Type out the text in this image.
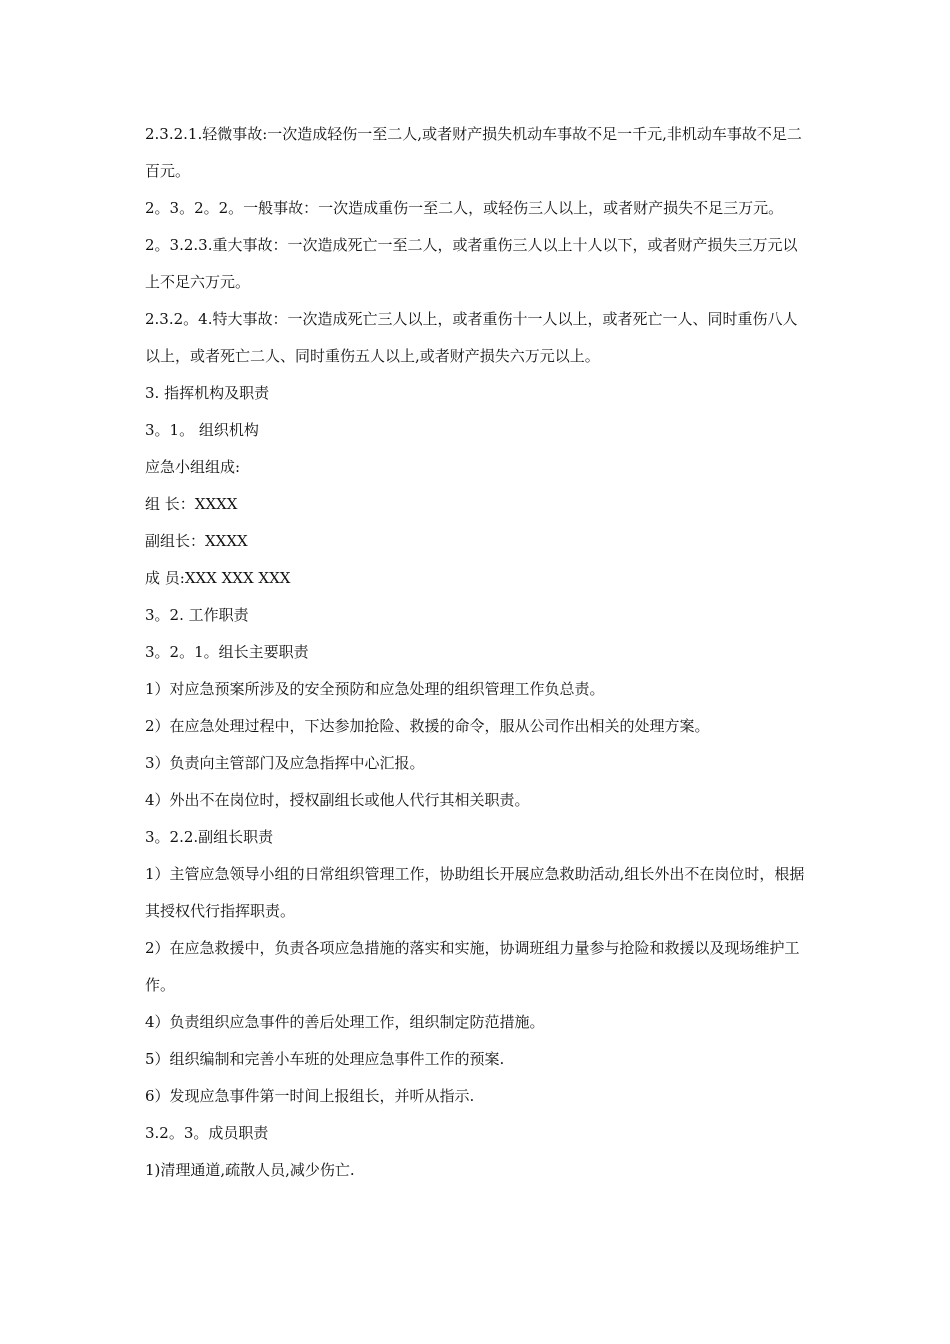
2.3.2.1.轻微事故:一次造成轻伤一至二人,或者财产损失机动车事故不足一千元,非机动车事故不足二百元。

2。3。2。2。一般事故：一次造成重伤一至二人，或轻伤三人以上，或者财产损失不足三万元。

2。3.2.3.重大事故：一次造成死亡一至二人，或者重伤三人以上十人以下，或者财产损失三万元以上不足六万元。

2.3.2。4.特大事故：一次造成死亡三人以上，或者重伤十一人以上，或者死亡一人、同时重伤八人以上，或者死亡二人、同时重伤五人以上,或者财产损失六万元以上。

3. 指挥机构及职责

3。1。 组织机构

应急小组组成:

组 长：XXXX

副组长：XXXX

成 员:XXX XXX XXX

3。2. 工作职责

3。2。1。组长主要职责

1）对应急预案所涉及的安全预防和应急处理的组织管理工作负总责。

2）在应急处理过程中，下达参加抢险、救援的命令，服从公司作出相关的处理方案。

3）负责向主管部门及应急指挥中心汇报。

4）外出不在岗位时，授权副组长或他人代行其相关职责。

3。2.2.副组长职责

1）主管应急领导小组的日常组织管理工作，协助组长开展应急救助活动,组长外出不在岗位时，根据其授权代行指挥职责。

2）在应急救援中，负责各项应急措施的落实和实施，协调班组力量参与抢险和救援以及现场维护工作。

4）负责组织应急事件的善后处理工作，组织制定防范措施。

5）组织编制和完善小车班的处理应急事件工作的预案.

6）发现应急事件第一时间上报组长，并听从指示.

3.2。3。成员职责

1)清理通道,疏散人员,减少伤亡.
